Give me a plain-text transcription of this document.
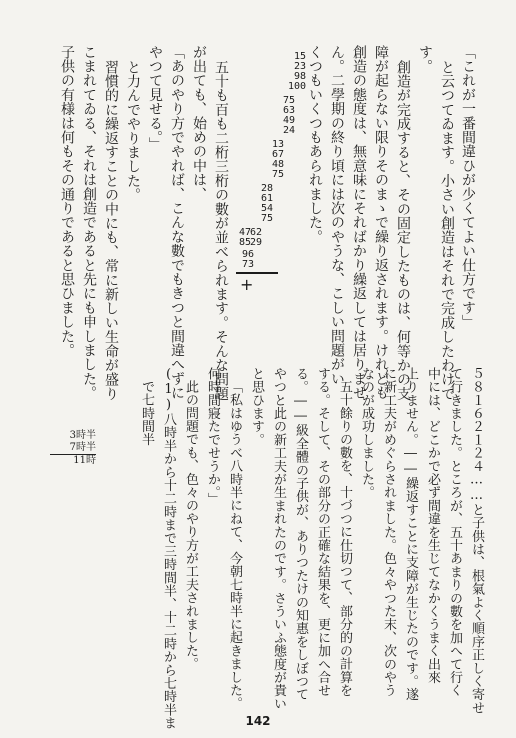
「これが一番間違ひが少くてよい仕方です」
と云つてゐます。小さい創造はそれで完成したわけで
す。
創造が完成すると、その固定したものは、何等かの支
障が起らない限りそのまゝで繰り返されます。けれども
創造の態度は、無意味にそればかり繰返しては居りませ
ん。二學期の終り頃には次のやうな、こしい問題がい
くつもいくつもあられました。
15
23
98
100
75
63
49
24
13
67
48
75
28
61
54
75
62
29
47
85
96
73
+
五十も百も二桁三桁の數が並べられます。そんな問題
が出ても、始めの中は、
「あのやり方でやれば、こんな數でもきつと間違へずに
やつて見せる。」
と力んでやりました。
習慣的に繰返すことの中にも、常に新しい生命が盛り
こまれてゐる、それは創造であると先にも申しました。
子供の有様は何もその通りであると思ひました。
５８１６２１２４……と子供は、根氣よく順序正しく寄せ
て行きました。ところが、五十あまりの數を加へて行く
中には、どこかで必ず間違を生じてなかくうまく出來
上りません。――繰返すことに支障が生じたのです。遂
に新工夫がめぐらされました。色々やつた末、次のやう
なのが成功しました。
五十餘りの數を、十づつに仕切つて、部分的の計算を
する。そして、その部分の正確な結果を、更に加へ合せ
る。――級全體の子供が、ありつたけの知惠をしぼつて
やつと此の新工夫が生まれたのです。さういふ態度が貴い
と思ひます。
「私はゆうべ八時半にねて、今朝七時半に起きました。
何時間寢たでせうか。」
此の問題でも、色々のやり方が工夫されました。
(1)八時半から十二時まで三時間半、十二時から七時半ま
で七時間半
3 時半
7 時半
11 時
142
